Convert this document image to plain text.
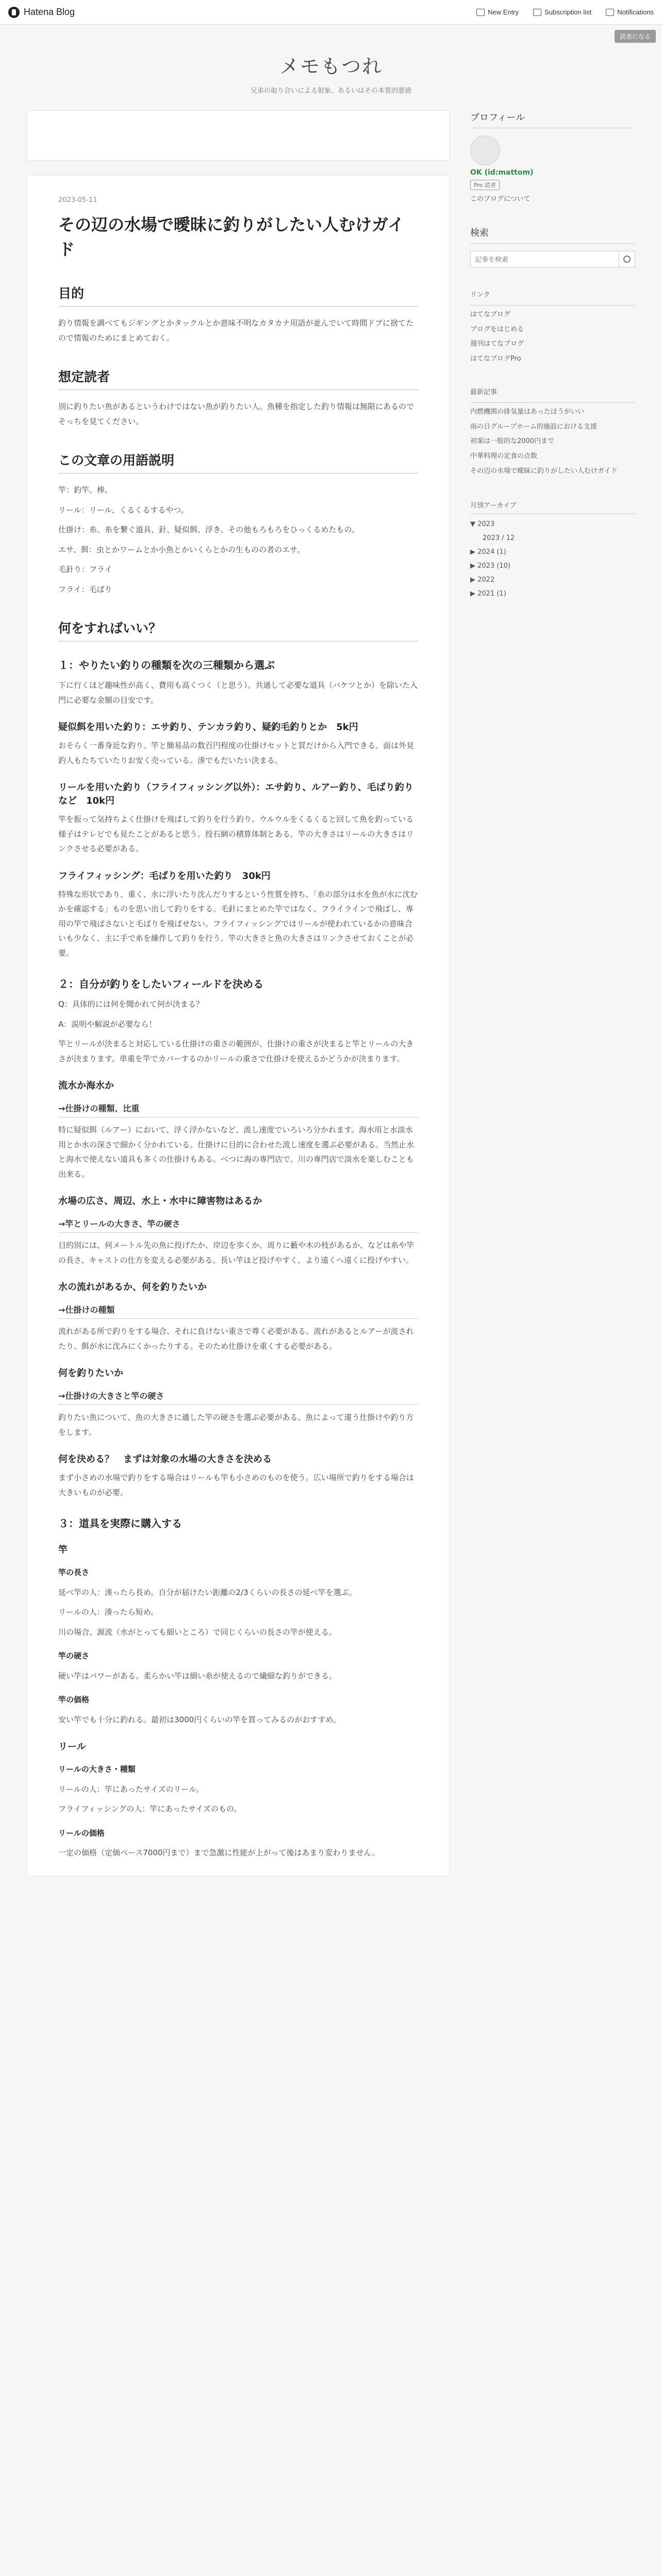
Hatena Blog	New Entry	Subscription list	Notifications
読者になる
メモもつれ
兄弟の取り合いによる射象、あるいはその本質的悪徳
2023-05-11
その辺の水場で曖昧に釣りがしたい人むけガイド
目的

釣り情報を調べてもジギングとかタックルとか意味不明なカタカナ用語が並んでいて時間ドブに捨てたので情報のためにまとめておく。

想定読者

別に釣りたい魚があるというわけではない魚が釣りたい人。魚種を指定した釣り情報は無限にあるのでそっちを見てください。

この文章の用語説明

竿：釣竿、棒。

リール：リール、くるくるするやつ。

仕掛け：糸、糸を繋ぐ道具、針、疑似餌、浮き、その他もろもろをひっくるめたもの。

エサ、餌：虫とかワームとか小魚とかいくらとかの生ものの者のエサ。

毛針り：フライ

フライ：毛ばり

何をすればいい？
１：やりたい釣りの種類を次の三種類から選ぶ

下に行くほど趣味性が高く、費用も高くつく（と思う）。共通して必要な道具（バケツとか）を除いた入門に必要な金額の目安です。

疑似餌を用いた釣り：エサ釣り、テンカラ釣り、疑釣毛釣りとか　5k円

おそらく一番身近な釣り。竿と簡易品の数百円程度の仕掛けセットと買だけから入門できる。面は外見釣人もたちていたりお安く売っている。湊でもだいたい決まる。

リールを用いた釣り（フライフィッシング以外）：エサ釣り、ルアー釣り、毛ばり釣りなど　10k円

竿を振って気持ちよく仕掛けを飛ばして釣りを行う釣り。ウルウルをくるくると回して魚を釣っている様子はテレビでも見たことがあると思う。投石網の積算体制とある。竿の大きさはリールの大きさはリンクさせる必要がある。

フライフィッシング：毛ばりを用いた釣り　30k円

特殊な形状であり、重く、水に浮いたり沈んだりするという性質を持ち、「糸の部分は水を魚が水に沈むかを確認する」ものを思い出して釣りをする。毛針にまとめた竿ではなく、フライラインで飛ばし、専用の竿で飛ばさないと毛ばりを飛ばせない。フライフィッシングではリールが使われているかの意味合いも少なく、主に手で糸を繰作して釣りを行う。竿の大きさと魚の大きさはリンクさせておくことが必要。

２：自分が釣りをしたいフィールドを決める

Q：具体的には何を聞かれて何が決まる？

A：説明や解説が必要なら！

竿とリールが決まると対応している仕掛けの重さの範囲が、仕掛けの重さが決まると竿とリールの大きさが決まります。単重を竿でカバーするのかリールの重さで仕掛けを使えるかどうかが決まります。

流水か海水か
→仕掛けの種類、比重

特に疑似餌（ルアー）において、浮く浮かないなど、流し速度でいろいろ分かれます。海水用と水淡水用とか水の深さで細かく分かれている。仕掛けに目的に合わせた流し速度を選ぶ必要がある。当然止水と海水で使えない道具も多くの仕掛けもある。べつに海の専門店で、川の専門店で淡水を楽しむことも出来る。

水場の広さ、周辺、水上・水中に障害物はあるか
→竿とリールの大きさ、竿の硬さ

目的別には、何メートル先の魚に投げたか、岸辺を歩くか、周りに藪や木の枝があるか、などは糸や竿の長さ、キャストの仕方を変える必要がある。長い竿ほど投げやすく、より遠くへ遠くに投げやすい。

水の流れがあるか、何を釣りたいか
→仕掛けの種類

流れがある所で釣りをする場合、それに負けない重さで尊く必要がある。流れがあるとルアーが流されたり、餌が水に沈みにくかったりする。そのため仕掛けを重くする必要がある。

何を釣りたいか
→仕掛けの大きさと竿の硬さ

釣りたい魚について、魚の大きさに適した竿の硬さを選ぶ必要がある。魚によって違う仕掛けや釣り方をします。

何を決める？　まずは対象の水場の大きさを決める

まず小さめの水場で釣りをする場合はリールも竿も小さめのものを使う。広い場所で釣りをする場合は大きいものが必要。

３：道具を実際に購入する
竿

竿の長さ

延べ竿の人：湊ったら長め。自分が届けたい距離の2/3くらいの長さの延べ竿を選ぶ。

リールの人：湊ったら短め。

川の場合、源流（水がとっても細いところ）で同じくらいの長さの竿が使える。

竿の硬さ

硬い竿はパワーがある。柔らかい竿は細い糸が使えるので繊細な釣りができる。

竿の価格

安い竿でも十分に釣れる。最初は3000円くらいの竿を買ってみるのがおすすめ。

リール

リールの大きさ・種類

リールの人：竿にあったサイズのリール。

フライフィッシングの人：竿にあったサイズのもの。

リールの価格

一定の価格（定価ベース7000円まで）まで急激に性能が上がって後はあまり変わりません。

プロフィール
OK (id:mattom)
Pro 読者
このブログについて
検索
記事を検索
リンク
はてなブログ
ブログをはじめる
週刊はてなブログ
はてなブログPro
最新記事
内燃機関の排気量はあったほうがいい
雨の日グループホーム的施設における支援
初案は一般的な2000円まで
中華料理の定食の点数
その辺の水場で曖昧に釣りがしたい人むけガイド
月別アーカイブ
▼ 2023
2023 / 12
▶ 2024 (1)
▶ 2023 (10)
▶ 2022
▶ 2021 (1)
